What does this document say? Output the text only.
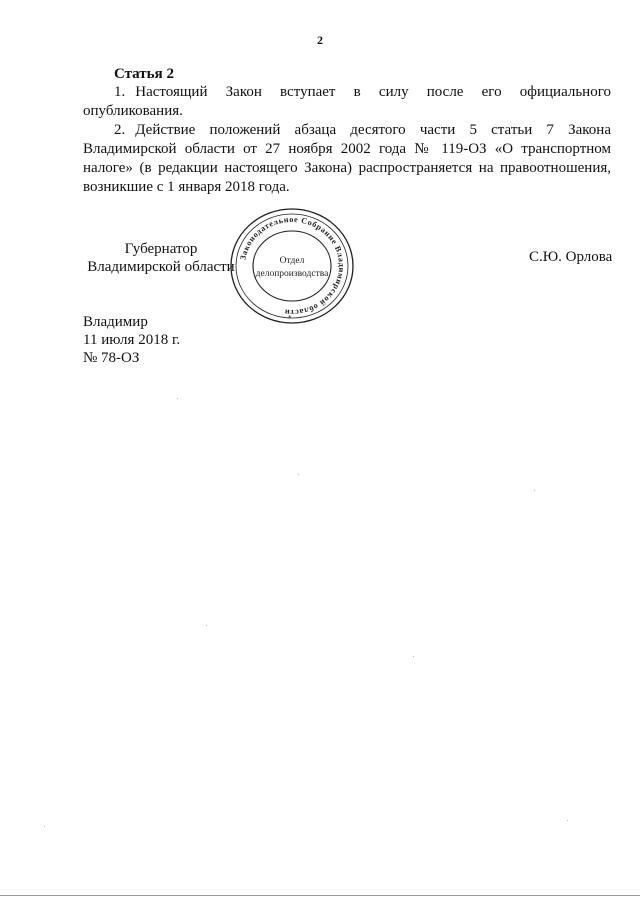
2
Статья 2
1. Настоящий Закон вступает в силу после его официального опубликования.
2. Действие положений абзаца десятого части 5 статьи 7 Закона Владимирской области от 27 ноября 2002 года № 119-ОЗ «О транспортном налоге» (в редакции настоящего Закона) распространяется на правоотношения, возникшие с 1 января 2018 года.
Губернатор
Владимирской области
Законодательное Собрание Владимирской области
*
Отдел
делопроизводства
С.Ю. Орлова
Владимир
11 июля 2018 г.
№ 78-ОЗ
